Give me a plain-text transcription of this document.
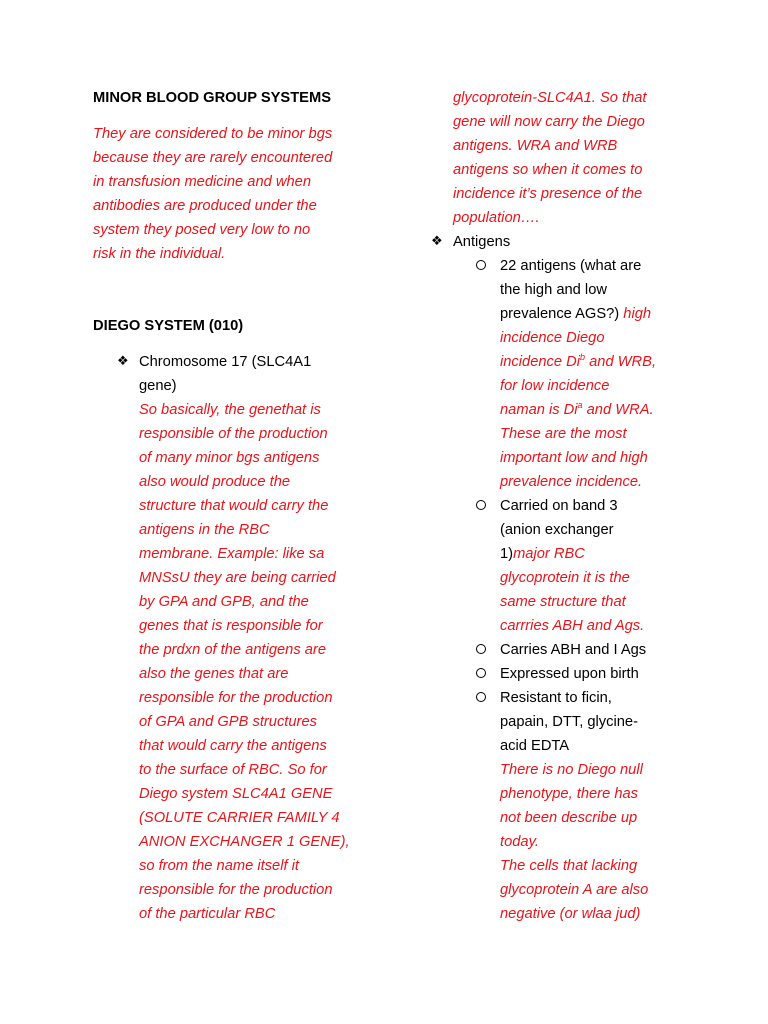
MINOR BLOOD GROUP SYSTEMS
They are considered to be minor bgs
because they are rarely encountered
in transfusion medicine and when
antibodies are produced under the
system they posed very low to no
risk in the individual.
DIEGO SYSTEM (010)
❖ Chromosome 17 (SLC4A1
gene)
So basically, the genethat is
responsible of the production
of many minor bgs antigens
also would produce the
structure that would carry the
antigens in the RBC
membrane. Example: like sa
MNSsU they are being carried
by GPA and GPB, and the
genes that is responsible for
the prdxn of the antigens are
also the genes that are
responsible for the production
of GPA and GPB structures
that would carry the antigens
to the surface of RBC. So for
Diego system SLC4A1 GENE
(SOLUTE CARRIER FAMILY 4
ANION EXCHANGER 1 GENE),
so from the name itself it
responsible for the production
of the particular RBC
glycoprotein-SLC4A1. So that
gene will now carry the Diego
antigens. WRA and WRB
antigens so when it comes to
incidence it’s presence of the
population….
❖ Antigens
22 antigens (what are
the high and low
prevalence AGS?) high
incidence Diego
incidence Di$^b$ and WRB,
for low incidence
naman is Di$^a$ and WRA.
These are the most
important low and high
prevalence incidence.
Carried on band 3
(anion exchanger
1)major RBC
glycoprotein it is the
same structure that
carrries ABH and Ags.
Carries ABH and I Ags
Expressed upon birth
Resistant to ficin,
papain, DTT, glycine-
acid EDTA
There is no Diego null
phenotype, there has
not been describe up
today.
The cells that lacking
glycoprotein A are also
negative (or wlaa jud)
